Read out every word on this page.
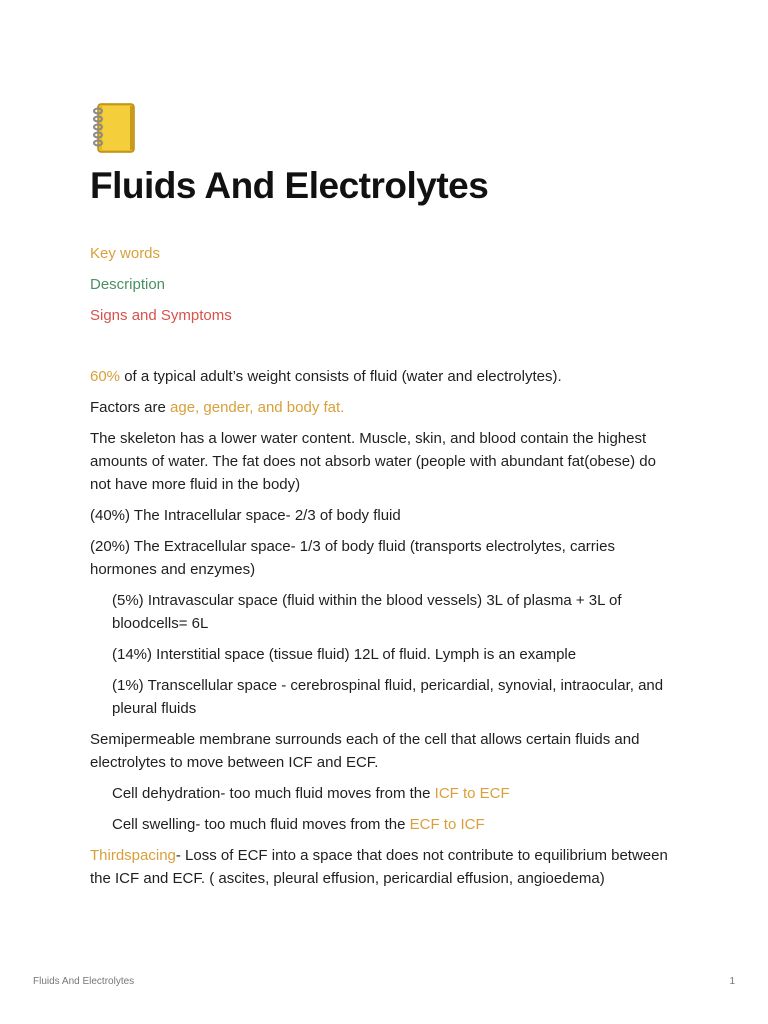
Fluids And Electrolytes

Key words

Description

Signs and Symptoms

60% of a typical adult’s weight consists of fluid (water and electrolytes).

Factors are age, gender, and body fat.

The skeleton has a lower water content. Muscle, skin, and blood contain the highest amounts of water. The fat does not absorb water (people with abundant fat(obese) do not have more fluid in the body)

(40%) The Intracellular space- 2/3 of body fluid

(20%) The Extracellular space- 1/3 of body fluid (transports electrolytes, carries hormones and enzymes)

(5%) Intravascular space (fluid within the blood vessels) 3L of plasma + 3L of bloodcells= 6L

(14%) Interstitial space (tissue fluid) 12L of fluid. Lymph is an example

(1%) Transcellular space - cerebrospinal fluid, pericardial, synovial, intraocular, and pleural fluids

Semipermeable membrane surrounds each of the cell that allows certain fluids and electrolytes to move between ICF and ECF.

Cell dehydration- too much fluid moves from the ICF to ECF

Cell swelling- too much fluid moves from the ECF to ICF

Thirdspacing- Loss of ECF into a space that does not contribute to equilibrium between the ICF and ECF. ( ascites, pleural effusion, pericardial effusion, angioedema)

Fluids And Electrolytes	1
